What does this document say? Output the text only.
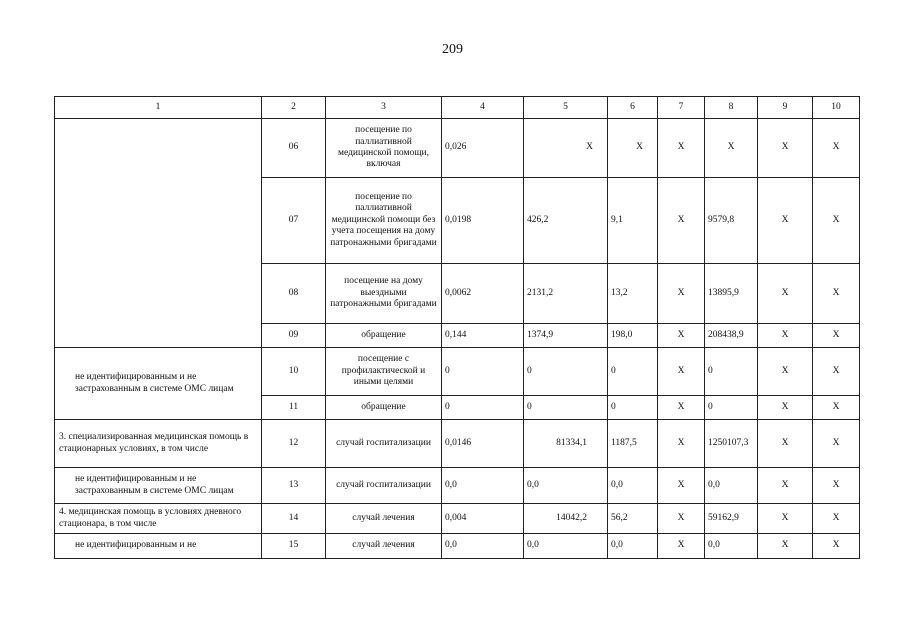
209
1	2	3	4	5	6	7	8	9	10
	06	посещение по паллиативной медицинской помощи, включая	0,026	Х	Х	Х	Х	Х	Х
	07	посещение по паллиативной медицинской помощи без учета посещения на дому патронажными бригадами	0,0198	426,2	9,1	Х	9579,8	Х	Х
	08	посещение на дому выездными патронажными бригадами	0,0062	2131,2	13,2	Х	13895,9	Х	Х
	09	обращение	0,144	1374,9	198,0	Х	208438,9	Х	Х
не идентифицированным и не застрахованным в системе ОМС лицам	10	посещение с профилактической и иными целями	0	0	0	Х	0	Х	Х
	11	обращение	0	0	0	Х	0	Х	Х
3. специализированная медицинская помощь в стационарных условиях, в том числе	12	случай госпитализации	0,0146	81334,1	1187,5	Х	1250107,3	Х	Х
не идентифицированным и не застрахованным в системе ОМС лицам	13	случай госпитализации	0,0	0,0	0,0	Х	0,0	Х	Х
4. медицинская помощь в условиях дневного стационара, в том числе	14	случай лечения	0,004	14042,2	56,2	Х	59162,9	Х	Х
не идентифицированным и не	15	случай лечения	0,0	0,0	0,0	Х	0,0	Х	Х
